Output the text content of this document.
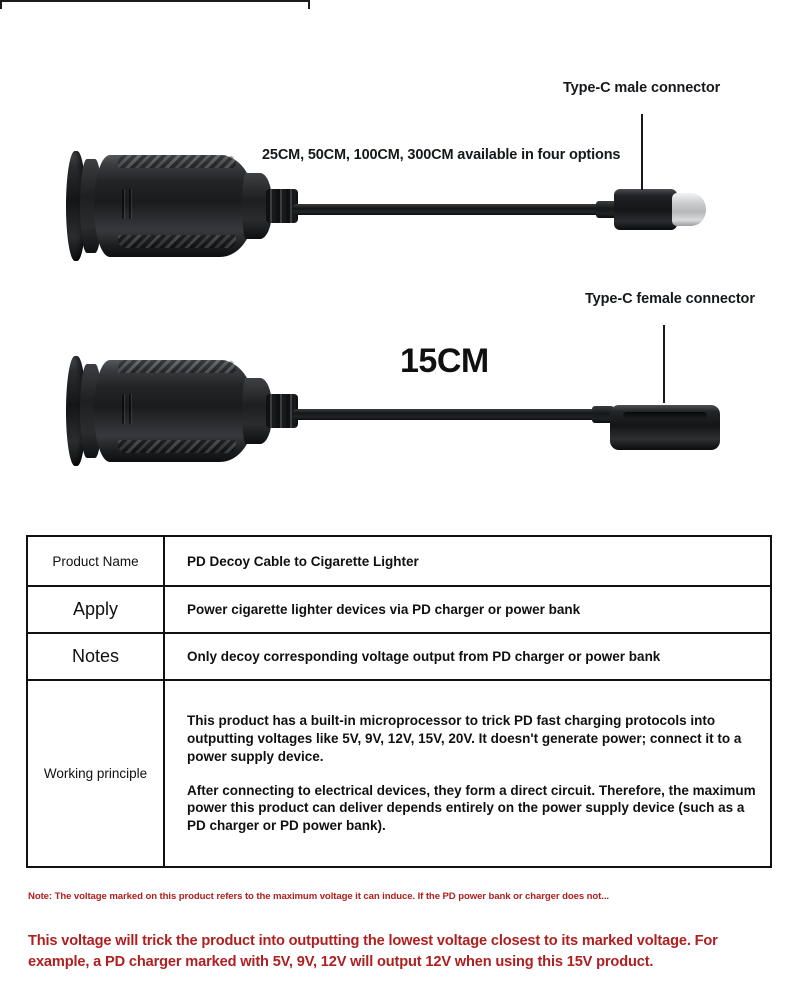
25CM, 50CM, 100CM, 300CM available in four options
Type-C male connector
15CM
Type-C female connector
Product Name	PD Decoy Cable to Cigarette Lighter
Apply	Power cigarette lighter devices via PD charger or power bank
Notes	Only decoy corresponding voltage output from PD charger or power bank
Working principle	This product has a built-in microprocessor to trick PD fast charging protocols into outputting voltages like 5V, 9V, 12V, 15V, 20V. It doesn't generate power; connect it to a power supply device.

After connecting to electrical devices, they form a direct circuit. Therefore, the maximum power this product can deliver depends entirely on the power supply device (such as a PD charger or PD power bank).

Note: The voltage marked on this product refers to the maximum voltage it can induce. If the PD power bank or charger does not...
This voltage will trick the product into outputting the lowest voltage closest to its marked voltage. For example, a PD charger marked with 5V, 9V, 12V will output 12V when using this 15V product.
